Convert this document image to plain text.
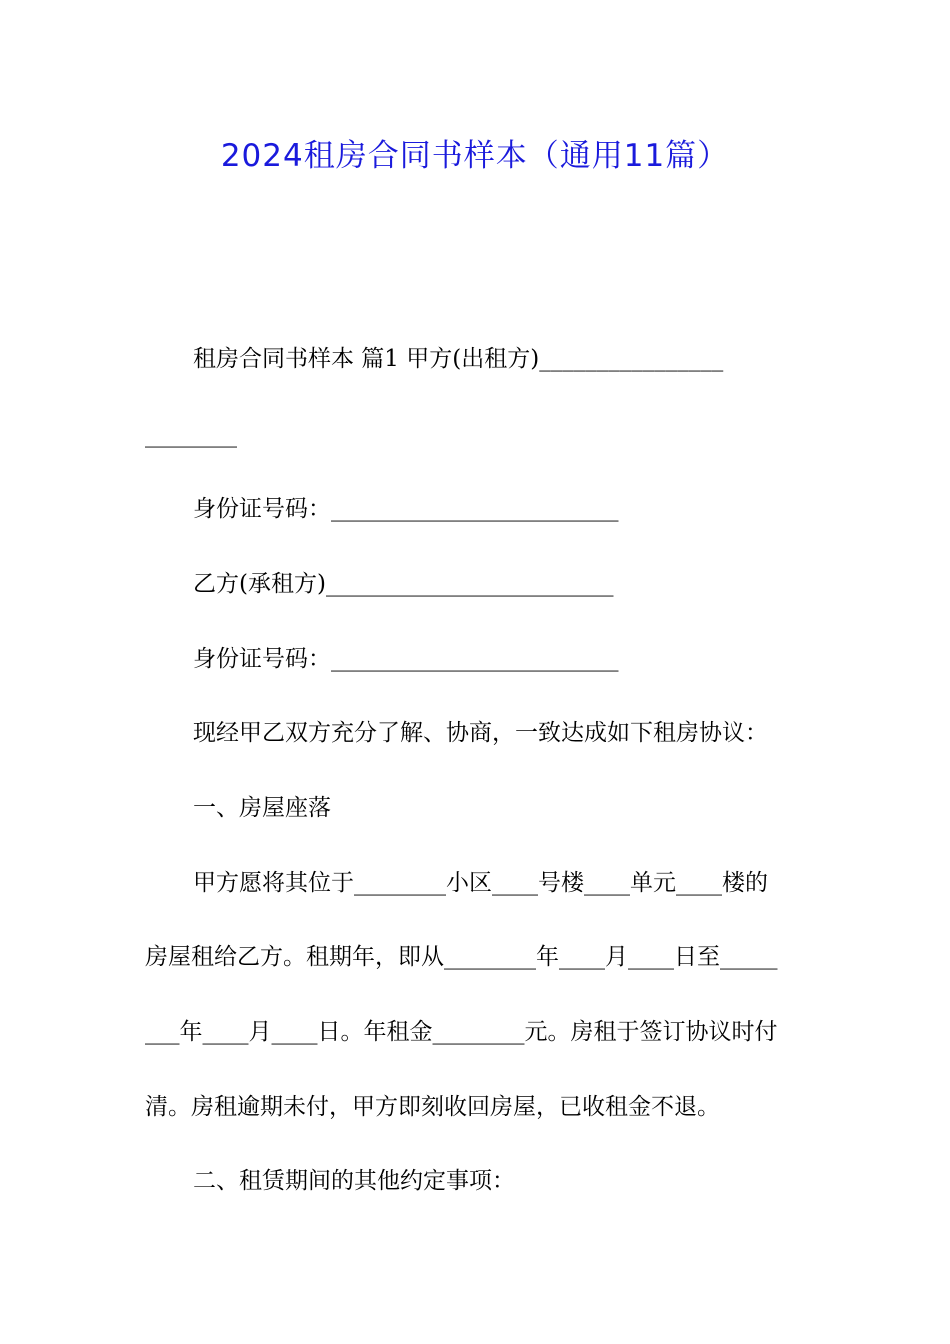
2024租房合同书样本（通用11篇）
租房合同书样本 篇1 甲方(出租方)________________
________
身份证号码：_________________________
乙方(承租方)_________________________
身份证号码：_________________________
现经甲乙双方充分了解、协商，一致达成如下租房协议：
一、房屋座落
甲方愿将其位于________小区____号楼____单元____楼的
房屋租给乙方。租期年，即从________年____月____日至_____
___年____月____日。年租金________元。房租于签订协议时付
清。房租逾期未付，甲方即刻收回房屋，已收租金不退。
二、租赁期间的其他约定事项：
